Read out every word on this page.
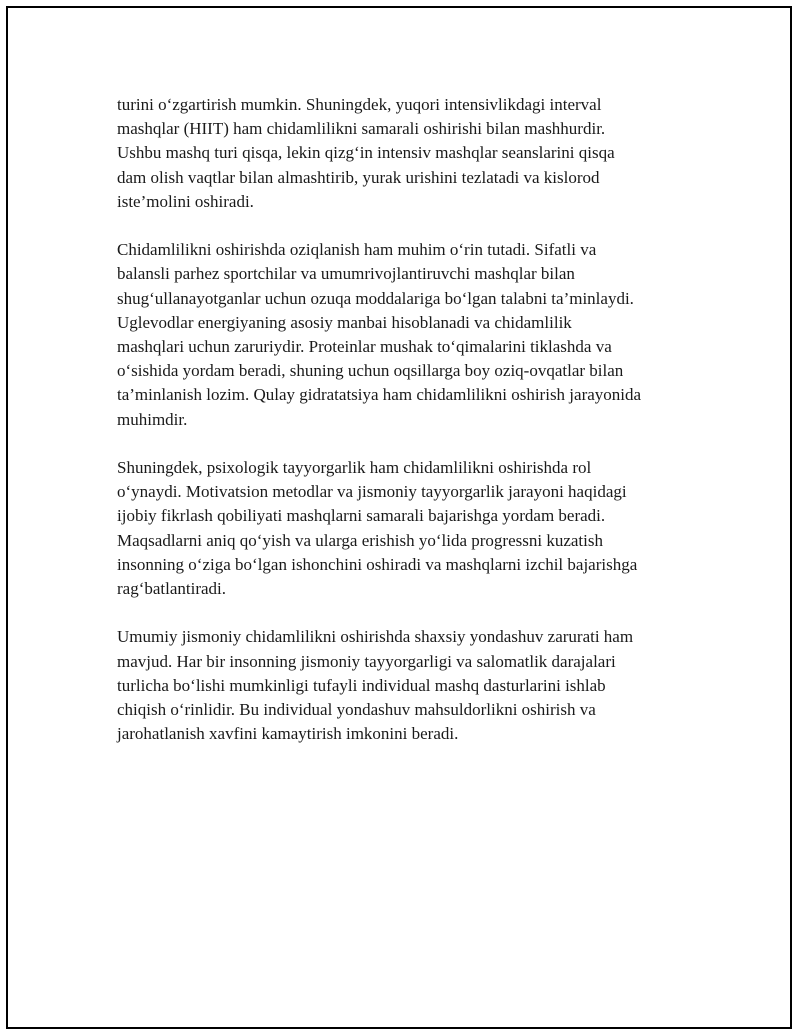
turini o‘zgartirish mumkin. Shuningdek, yuqori intensivlikdagi interval
mashqlar (HIIT) ham chidamlilikni samarali oshirishi bilan mashhurdir.
Ushbu mashq turi qisqa, lekin qizg‘in intensiv mashqlar seanslarini qisqa
dam olish vaqtlar bilan almashtirib, yurak urishini tezlatadi va kislorod
iste’molini oshiradi.

Chidamlilikni oshirishda oziqlanish ham muhim o‘rin tutadi. Sifatli va
balansli parhez sportchilar va umumrivojlantiruvchi mashqlar bilan
shug‘ullanayotganlar uchun ozuqa moddalariga bo‘lgan talabni ta’minlaydi.
Uglevodlar energiyaning asosiy manbai hisoblanadi va chidamlilik
mashqlari uchun zaruriydir. Proteinlar mushak to‘qimalarini tiklashda va
o‘sishida yordam beradi, shuning uchun oqsillarga boy oziq-ovqatlar bilan
ta’minlanish lozim. Qulay gidratatsiya ham chidamlilikni oshirish jarayonida
muhimdir.

Shuningdek, psixologik tayyorgarlik ham chidamlilikni oshirishda rol
o‘ynaydi. Motivatsion metodlar va jismoniy tayyorgarlik jarayoni haqidagi
ijobiy fikrlash qobiliyati mashqlarni samarali bajarishga yordam beradi.
Maqsadlarni aniq qo‘yish va ularga erishish yo‘lida progressni kuzatish
insonning o‘ziga bo‘lgan ishonchini oshiradi va mashqlarni izchil bajarishga
rag‘batlantiradi.

Umumiy jismoniy chidamlilikni oshirishda shaxsiy yondashuv zarurati ham
mavjud. Har bir insonning jismoniy tayyorgarligi va salomatlik darajalari
turlicha bo‘lishi mumkinligi tufayli individual mashq dasturlarini ishlab
chiqish o‘rinlidir. Bu individual yondashuv mahsuldorlikni oshirish va
jarohatlanish xavfini kamaytirish imkonini beradi.
